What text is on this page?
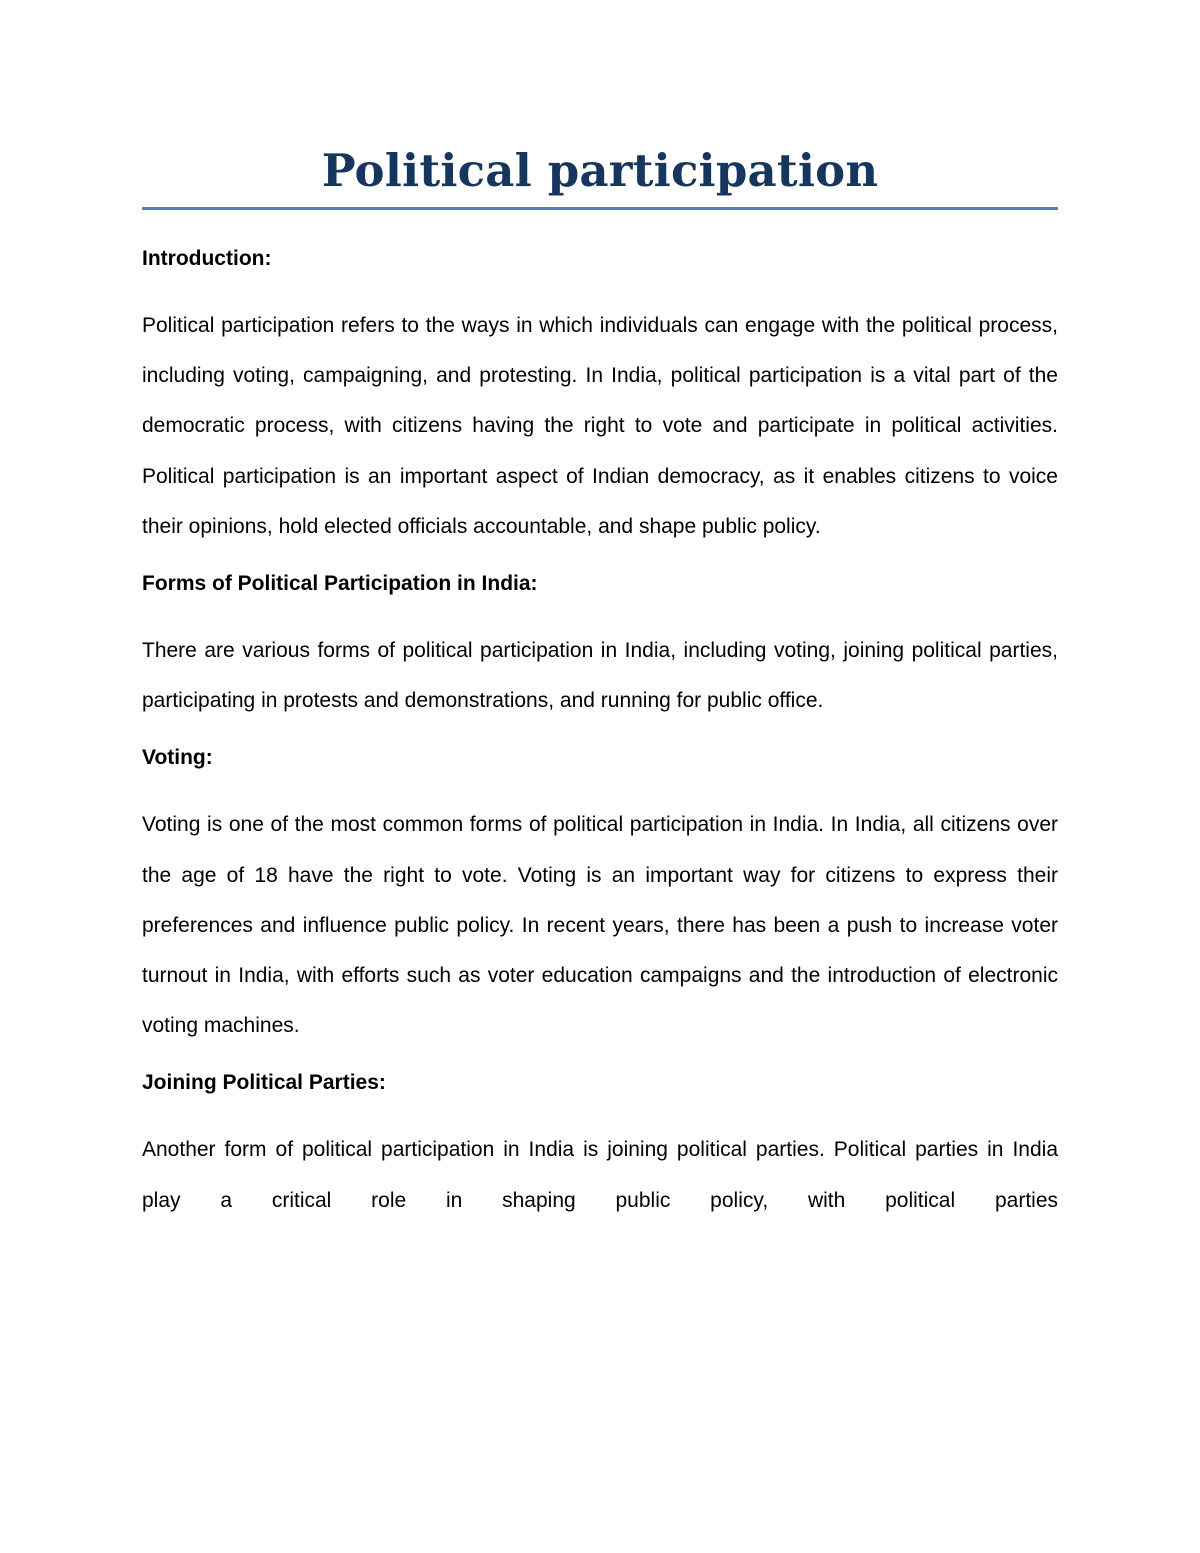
Political participation

Introduction:

Political participation refers to the ways in which individuals can engage with the political process, including voting, campaigning, and protesting. In India, political participation is a vital part of the democratic process, with citizens having the right to vote and participate in political activities. Political participation is an important aspect of Indian democracy, as it enables citizens to voice their opinions, hold elected officials accountable, and shape public policy.

Forms of Political Participation in India:

There are various forms of political participation in India, including voting, joining political parties, participating in protests and demonstrations, and running for public office.

Voting:

Voting is one of the most common forms of political participation in India. In India, all citizens over the age of 18 have the right to vote. Voting is an important way for citizens to express their preferences and influence public policy. In recent years, there has been a push to increase voter turnout in India, with efforts such as voter education campaigns and the introduction of electronic voting machines.

Joining Political Parties:

Another form of political participation in India is joining political parties. Political parties in India play a critical role in shaping public policy, with political parties
